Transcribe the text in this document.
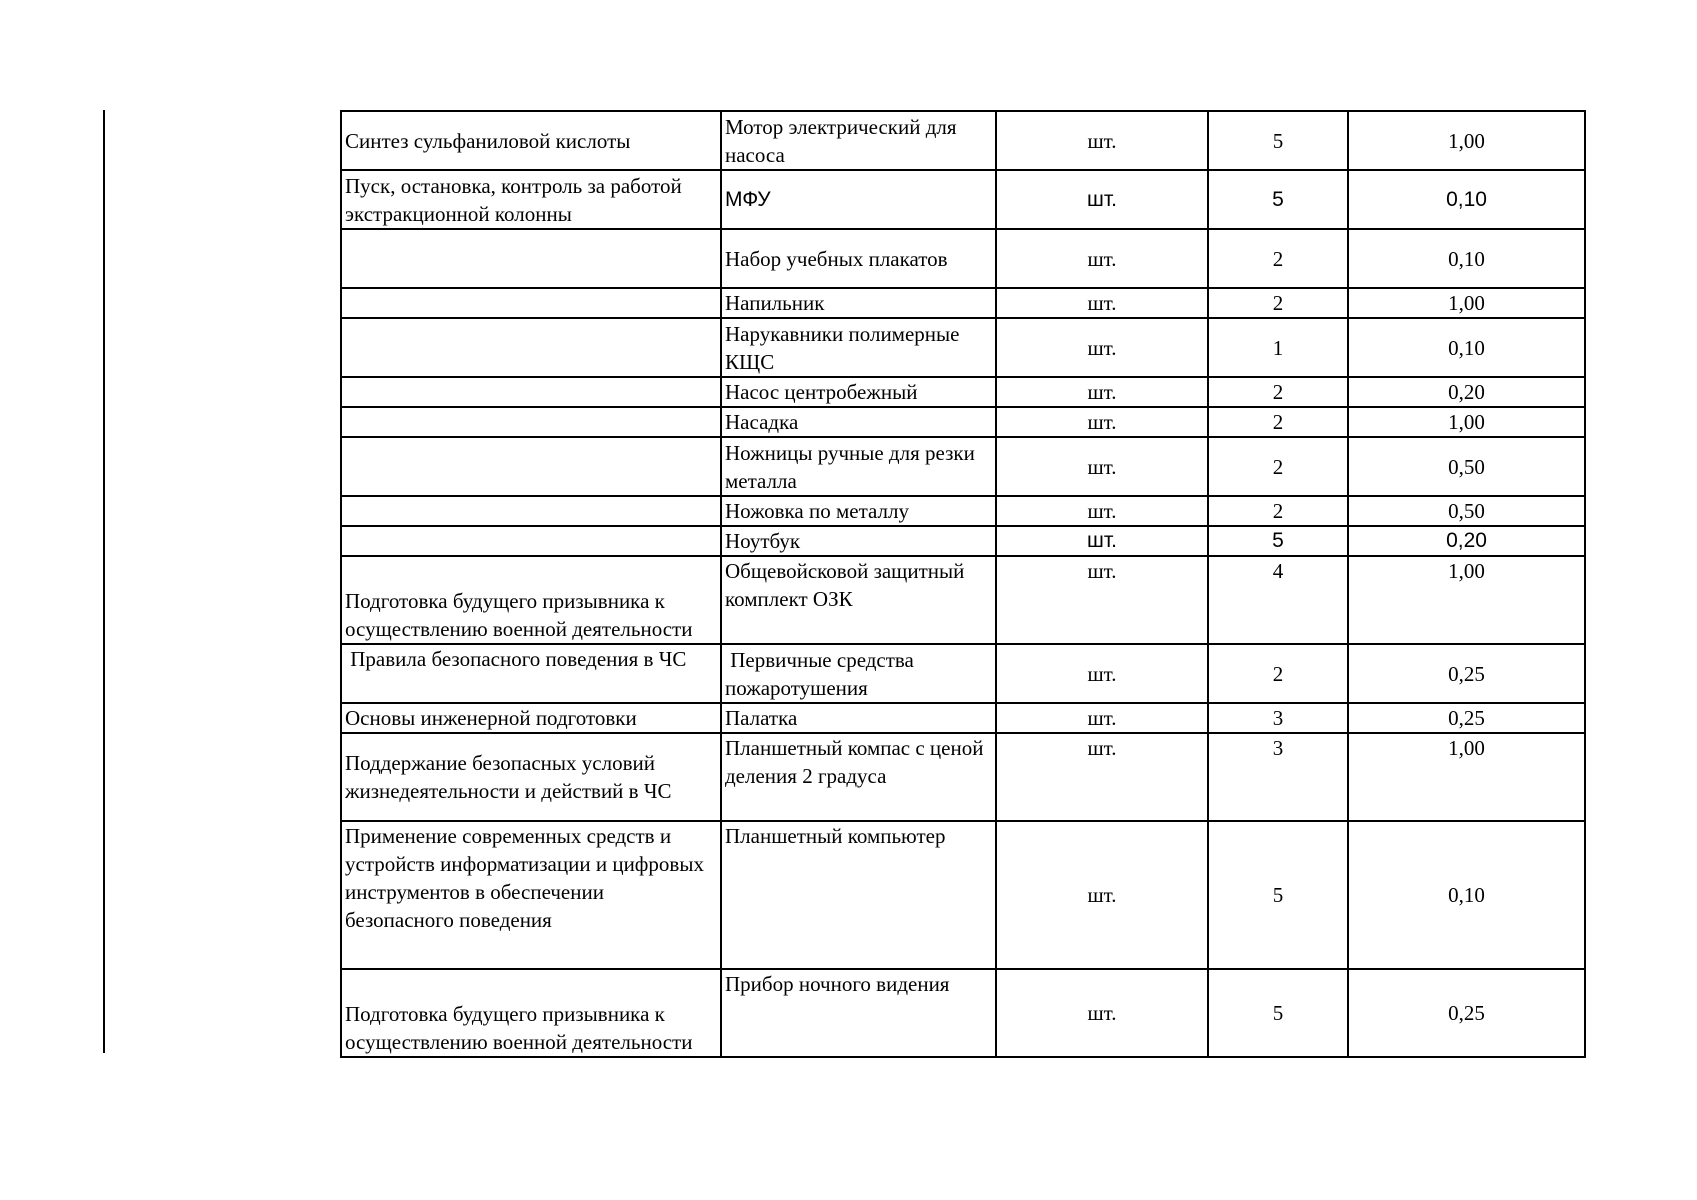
Синтез сульфаниловой кислоты	Мотор электрический для насоса	шт.	5	1,00
Пуск, остановка, контроль за работой экстракционной колонны	МФУ	шт.	5	0,10
	Набор учебных плакатов	шт.	2	0,10
	Напильник	шт.	2	1,00
	Нарукавники полимерные КЩС	шт.	1	0,10
	Насос центробежный	шт.	2	0,20
	Насадка	шт.	2	1,00
	Ножницы ручные для резки металла	шт.	2	0,50
	Ножовка по металлу	шт.	2	0,50
	Ноутбук	шт.	5	0,20
Подготовка будущего призывника к осуществлению военной деятельности	Общевойсковой защитный комплект ОЗК	шт.	4	1,00
Правила безопасного поведения в ЧС	Первичные средства пожаротушения	шт.	2	0,25
Основы инженерной подготовки	Палатка	шт.	3	0,25
Поддержание безопасных условий жизнедеятельности и действий в ЧС	Планшетный компас с ценой деления 2 градуса	шт.	3	1,00
Применение современных средств и устройств информатизации и цифровых инструментов в обеспечении безопасного поведения	Планшетный компьютер	шт.	5	0,10
Подготовка будущего призывника к осуществлению военной деятельности	Прибор ночного видения	шт.	5	0,25
